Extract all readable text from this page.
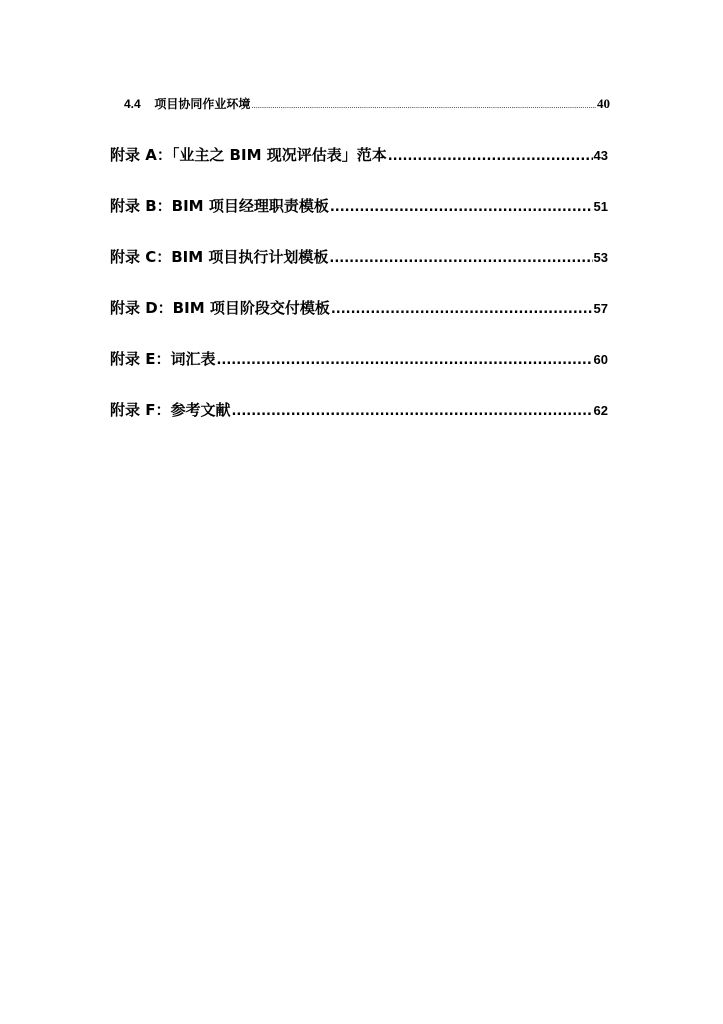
4.4	项目协同作业环境 .....	40
附录 A：「业主之 BIM 现况评估表」范本 .....	43
附录 B：BIM 项目经理职责模板 .....	51
附录 C：BIM 项目执行计划模板 .....	53
附录 D：BIM 项目阶段交付模板 .....	57
附录 E：词汇表 .....	60
附录 F：参考文献 .....	62
